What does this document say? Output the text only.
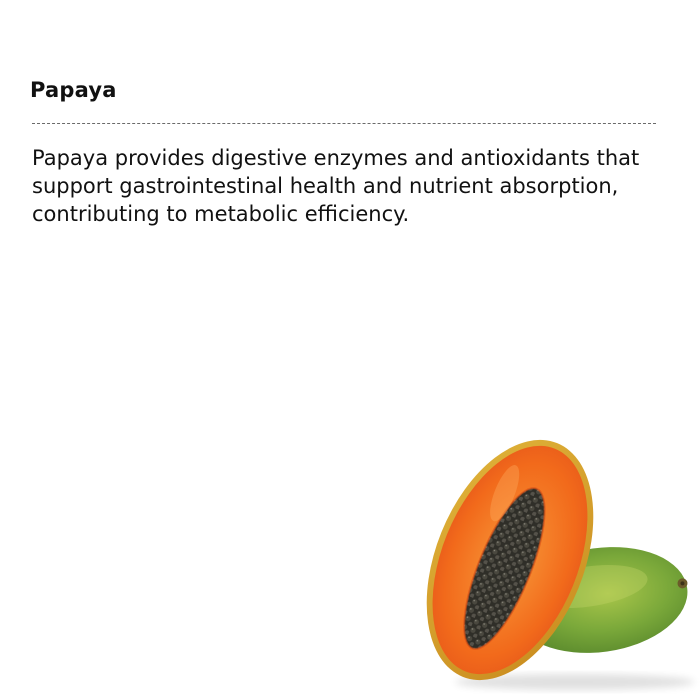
Papaya

Papaya provides digestive enzymes and antioxidants that support gastrointestinal health and nutrient absorption, contributing to metabolic efficiency.
